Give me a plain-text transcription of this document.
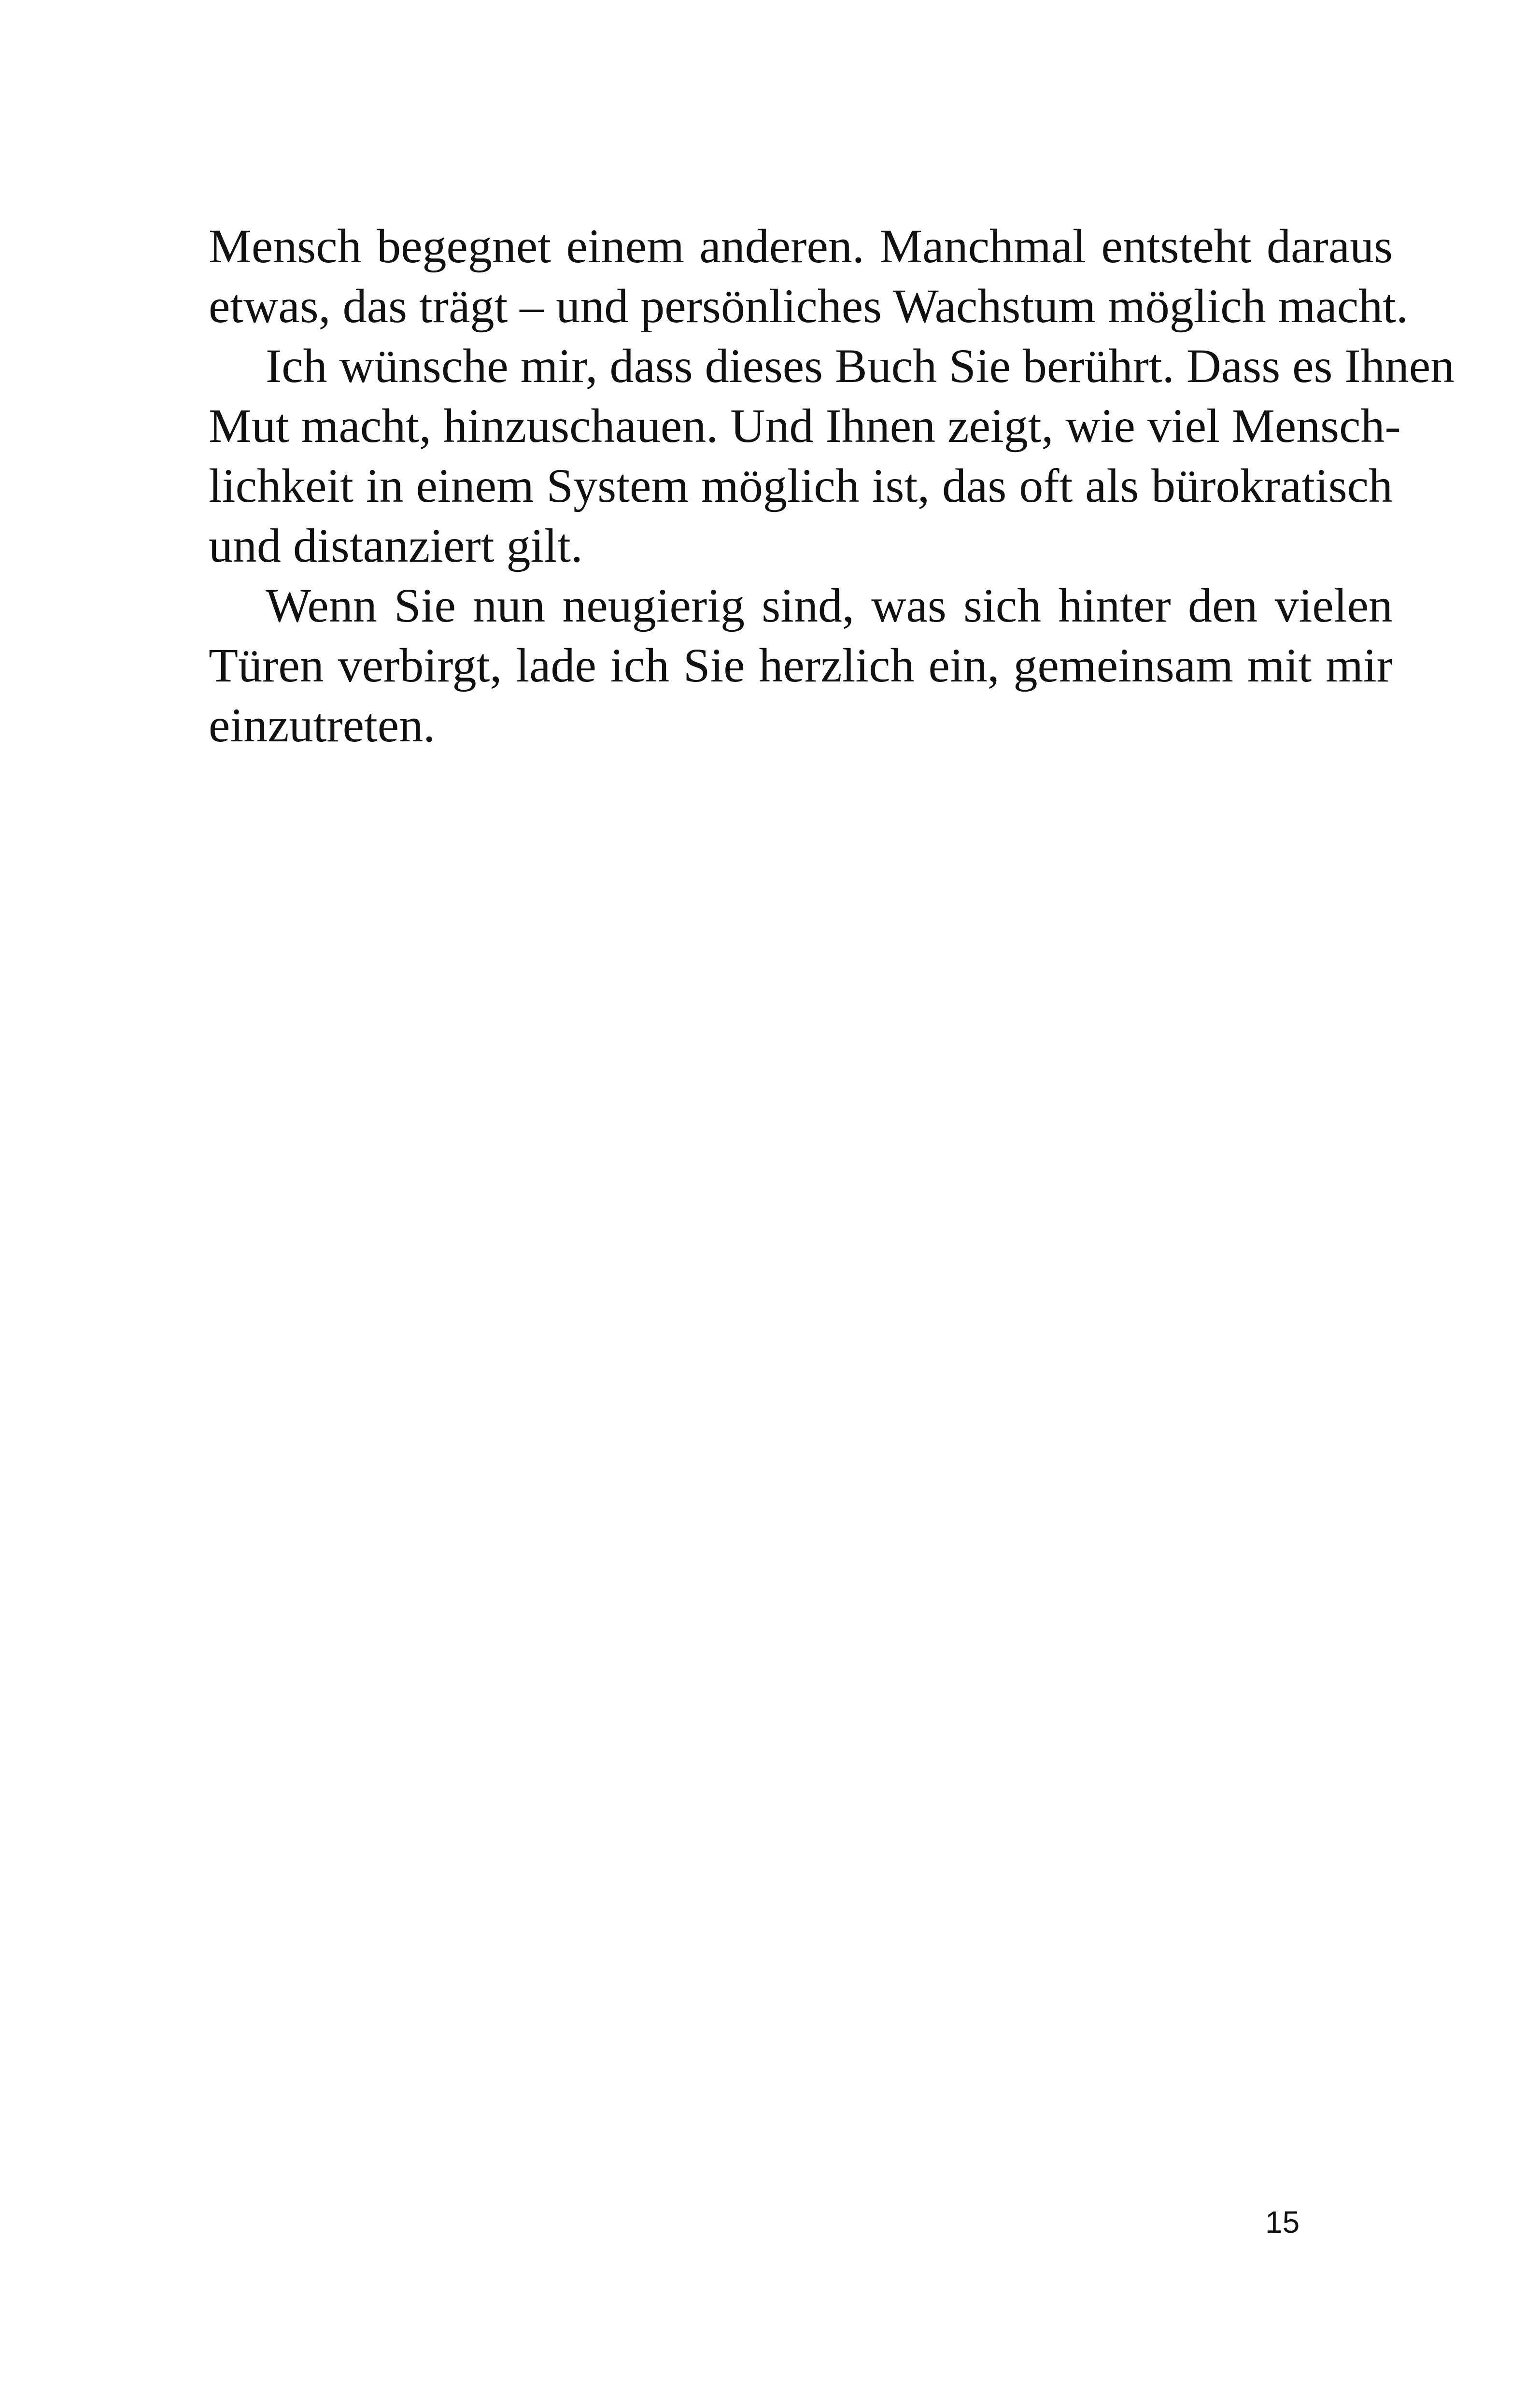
Mensch begegnet einem anderen. Manchmal entsteht daraus
etwas, das trägt – und persönliches Wachstum möglich macht.
Ich wünsche mir, dass dieses Buch Sie berührt. Dass es Ihnen
Mut macht, hinzuschauen. Und Ihnen zeigt, wie viel Mensch-
lichkeit in einem System möglich ist, das oft als bürokratisch
und distanziert gilt.
Wenn Sie nun neugierig sind, was sich hinter den vielen
Türen verbirgt, lade ich Sie herzlich ein, gemeinsam mit mir
einzutreten.
15
